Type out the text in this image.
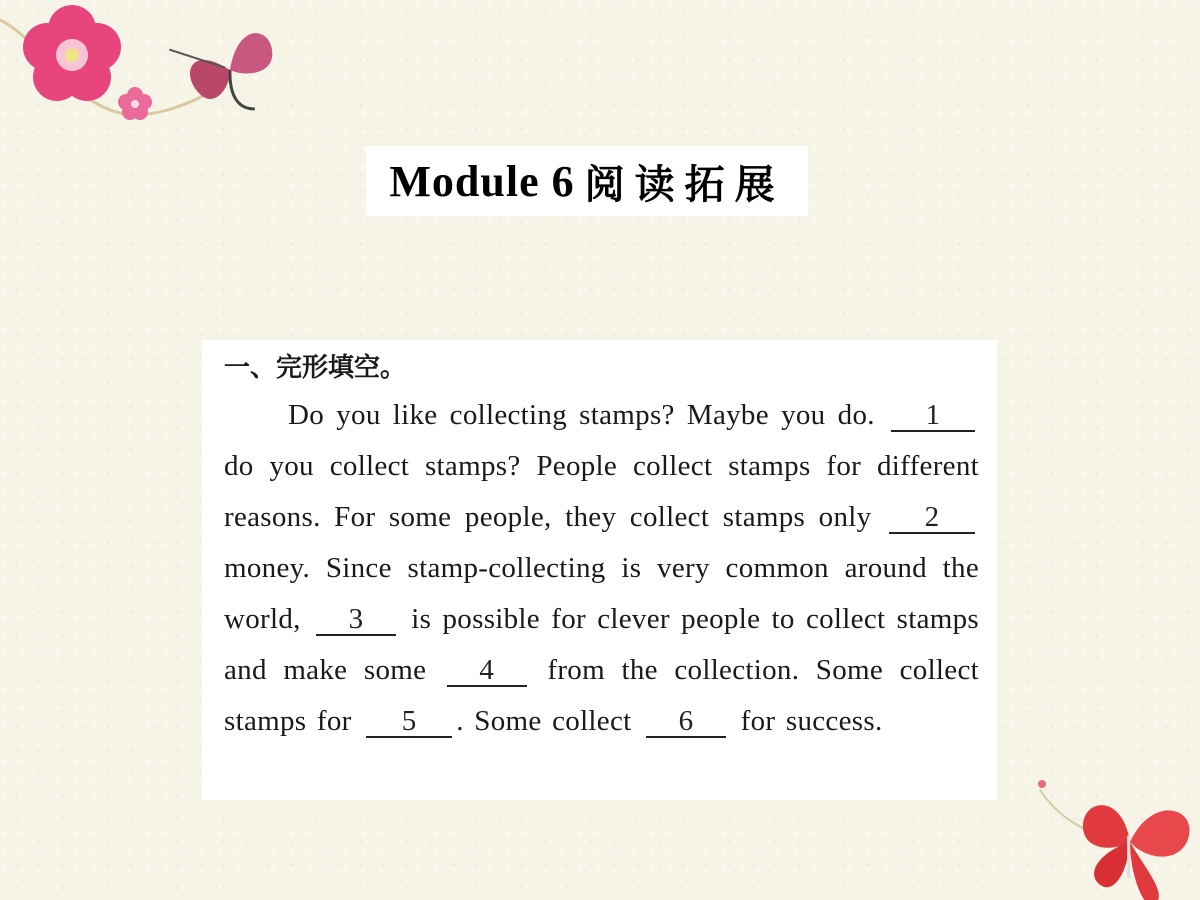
Module 6 阅读拓展
一、完形填空。

Do you like collecting stamps? Maybe you do. 1 do you collect stamps? People collect stamps for different reasons. For some people, they collect stamps only 2 money. Since stamp-collecting is very common around the world, 3 is possible for clever people to collect stamps and make some 4 from the collection. Some collect stamps for 5 . Some collect 6 for success.
